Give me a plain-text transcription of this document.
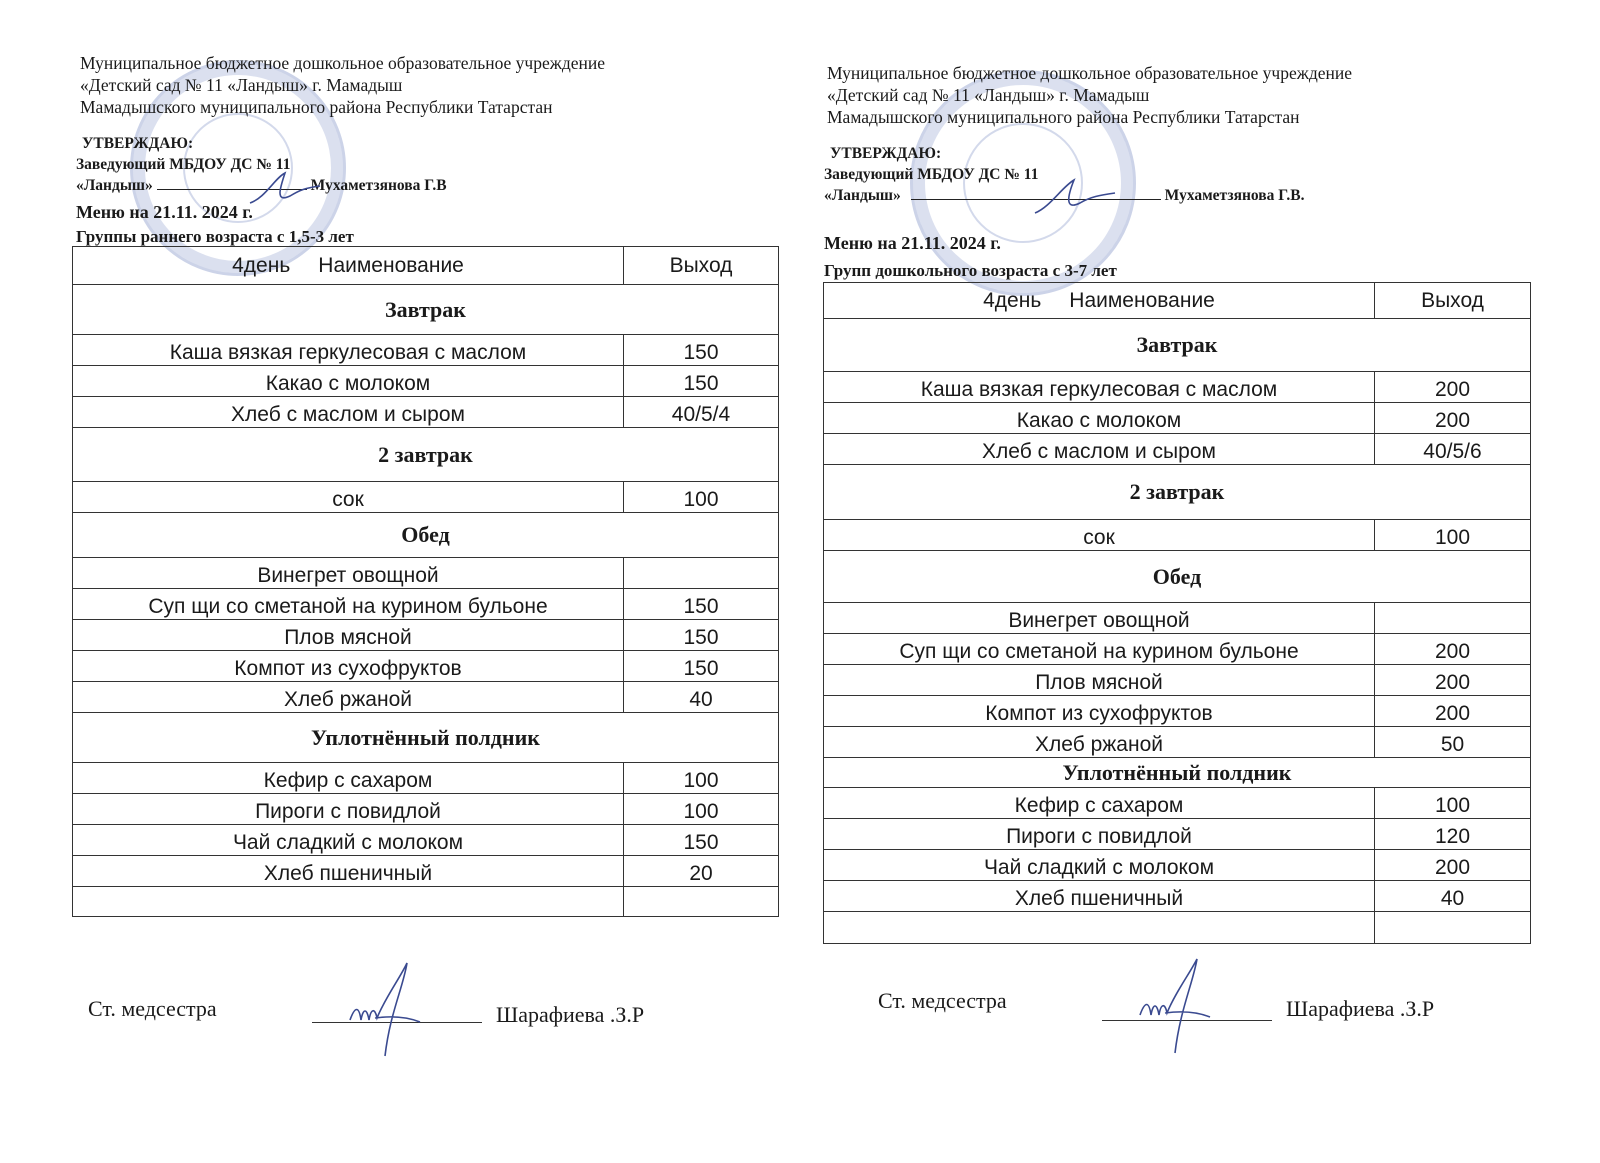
Муниципальное бюджетное дошкольное образовательное учреждение
«Детский сад № 11 «Ландыш» г. Мамадыш
Мамадышского муниципального района Республики Татарстан
УТВЕРЖДАЮ:
Заведующий МБДОУ ДС № 11
«Ландыш»	Мухаметзянова Г.В
Меню на 21.11. 2024 г.
Группы раннего возраста с 1,5-3 лет
4день Наименование	Выход
Завтрак	
Каша вязкая геркулесовая с маслом	150
Какао с молоком	150
Хлеб с маслом и сыром	40/5/4
2 завтрак	
сок	100
Обед	
Винегрет овощной	
Суп щи со сметаной на курином бульоне	150
Плов мясной	150
Компот из сухофруктов	150
Хлеб ржаной	40
Уплотнённый полдник	
Кефир с сахаром	100
Пироги с повидлой	100
Чай сладкий с молоком	150
Хлеб пшеничный	20

Ст. медсестра	Шарафиева .З.Р
Муниципальное бюджетное дошкольное образовательное учреждение
«Детский сад № 11 «Ландыш» г. Мамадыш
Мамадышского муниципального района Республики Татарстан
УТВЕРЖДАЮ:
Заведующий МБДОУ ДС № 11
«Ландыш»	Мухаметзянова Г.В.
Меню на 21.11. 2024 г.
Групп дошкольного возраста с 3-7 лет
4день Наименование	Выход
Завтрак	
Каша вязкая геркулесовая с маслом	200
Какао с молоком	200
Хлеб с маслом и сыром	40/5/6
2 завтрак	
сок	100
Обед	
Винегрет овощной	
Суп щи со сметаной на курином бульоне	200
Плов мясной	200
Компот из сухофруктов	200
Хлеб ржаной	50
Уплотнённый полдник	
Кефир с сахаром	100
Пироги с повидлой	120
Чай сладкий с молоком	200
Хлеб пшеничный	40

Ст. медсестра	Шарафиева .З.Р
